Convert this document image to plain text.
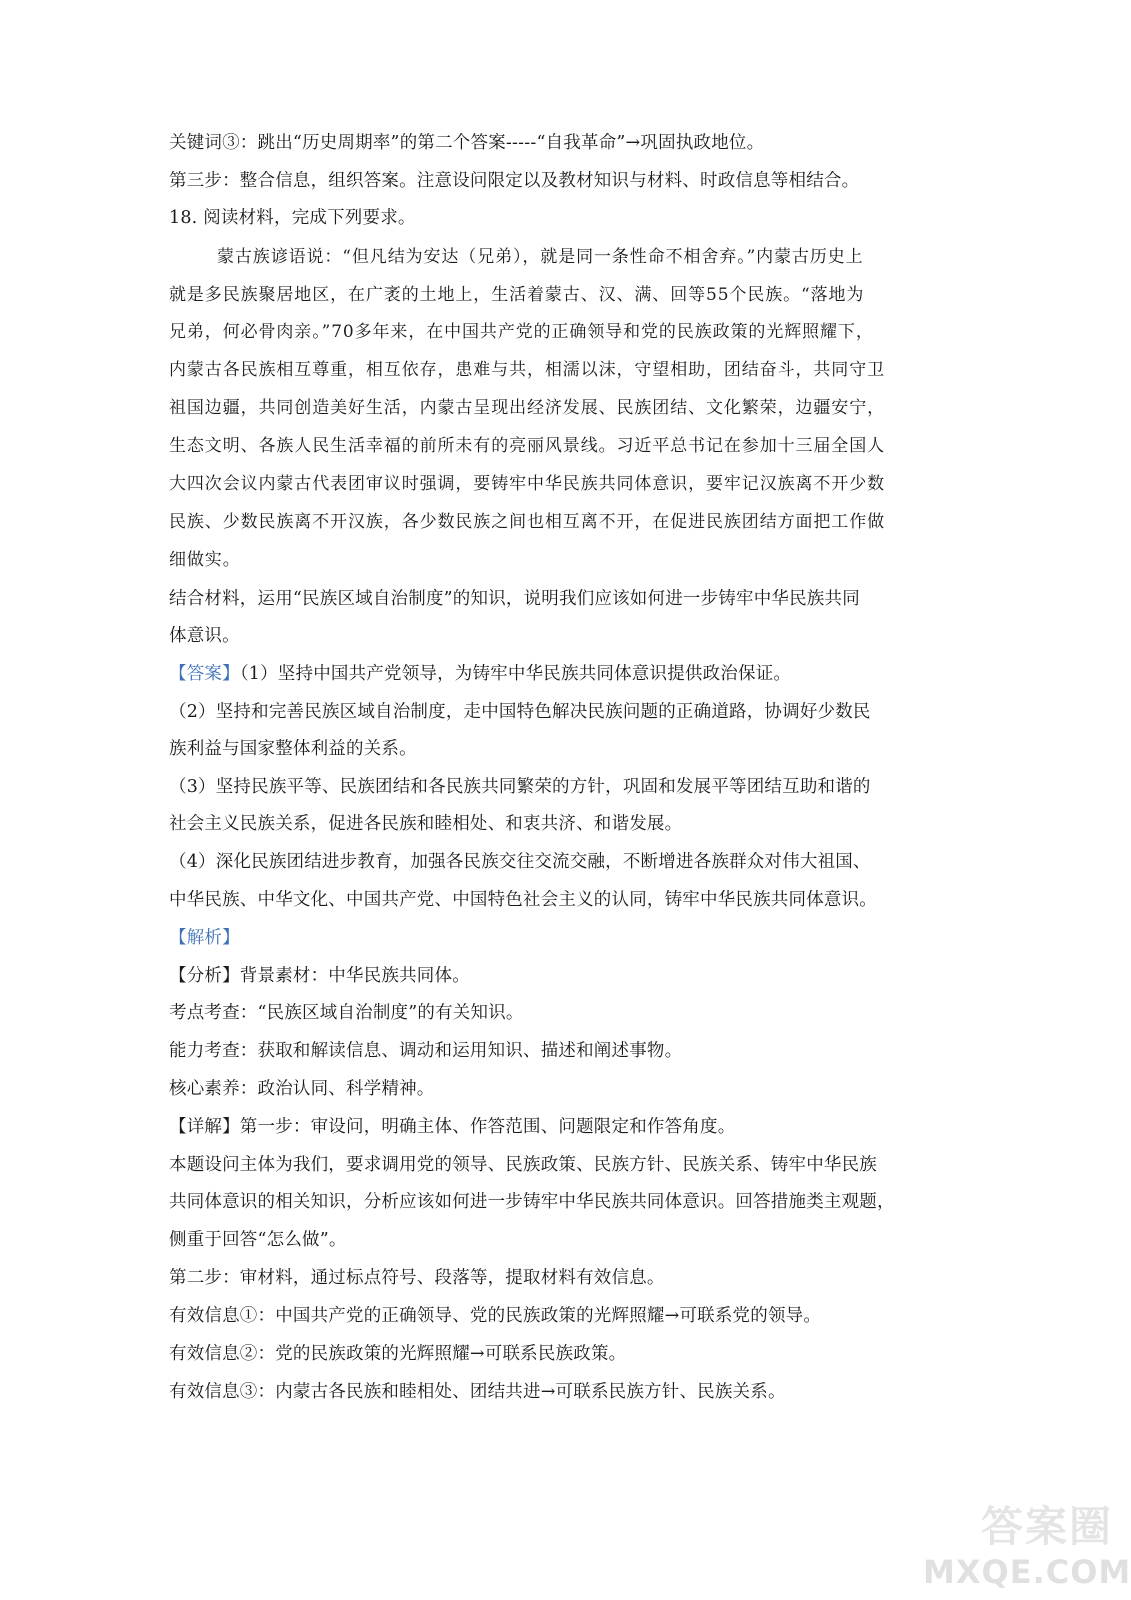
关键词③：跳出“历史周期率”的第二个答案-----“自我革命”→巩固执政地位。
第三步：整合信息，组织答案。注意设问限定以及教材知识与材料、时政信息等相结合。
18. 阅读材料，完成下列要求。
蒙古族谚语说：“但凡结为安达（兄弟），就是同一条性命不相舍弃。”内蒙古历史上
就是多民族聚居地区，在广袤的土地上，生活着蒙古、汉、满、回等55个民族。“落地为
兄弟，何必骨肉亲。”70多年来，在中国共产党的正确领导和党的民族政策的光辉照耀下，
内蒙古各民族相互尊重，相互依存，患难与共，相濡以沫，守望相助，团结奋斗，共同守卫
祖国边疆，共同创造美好生活，内蒙古呈现出经济发展、民族团结、文化繁荣，边疆安宁，
生态文明、各族人民生活幸福的前所未有的亮丽风景线。习近平总书记在参加十三届全国人
大四次会议内蒙古代表团审议时强调，要铸牢中华民族共同体意识，要牢记汉族离不开少数
民族、少数民族离不开汉族，各少数民族之间也相互离不开，在促进民族团结方面把工作做
细做实。
结合材料，运用“民族区域自治制度”的知识，说明我们应该如何进一步铸牢中华民族共同
体意识。
【答案】（1）坚持中国共产党领导，为铸牢中华民族共同体意识提供政治保证。
（2）坚持和完善民族区域自治制度，走中国特色解决民族问题的正确道路，协调好少数民
族利益与国家整体利益的关系。
（3）坚持民族平等、民族团结和各民族共同繁荣的方针，巩固和发展平等团结互助和谐的
社会主义民族关系，促进各民族和睦相处、和衷共济、和谐发展。
（4）深化民族团结进步教育，加强各民族交往交流交融，不断增进各族群众对伟大祖国、
中华民族、中华文化、中国共产党、中国特色社会主义的认同，铸牢中华民族共同体意识。
【解析】
【分析】背景素材：中华民族共同体。
考点考查：“民族区域自治制度”的有关知识。
能力考查：获取和解读信息、调动和运用知识、描述和阐述事物。
核心素养：政治认同、科学精神。
【详解】第一步：审设问，明确主体、作答范围、问题限定和作答角度。
本题设问主体为我们，要求调用党的领导、民族政策、民族方针、民族关系、铸牢中华民族
共同体意识的相关知识，分析应该如何进一步铸牢中华民族共同体意识。回答措施类主观题，
侧重于回答“怎么做”。
第二步：审材料，通过标点符号、段落等，提取材料有效信息。
有效信息①：中国共产党的正确领导、党的民族政策的光辉照耀→可联系党的领导。
有效信息②：党的民族政策的光辉照耀→可联系民族政策。
有效信息③：内蒙古各民族和睦相处、团结共进→可联系民族方针、民族关系。
答案圈
MXQE.COM
